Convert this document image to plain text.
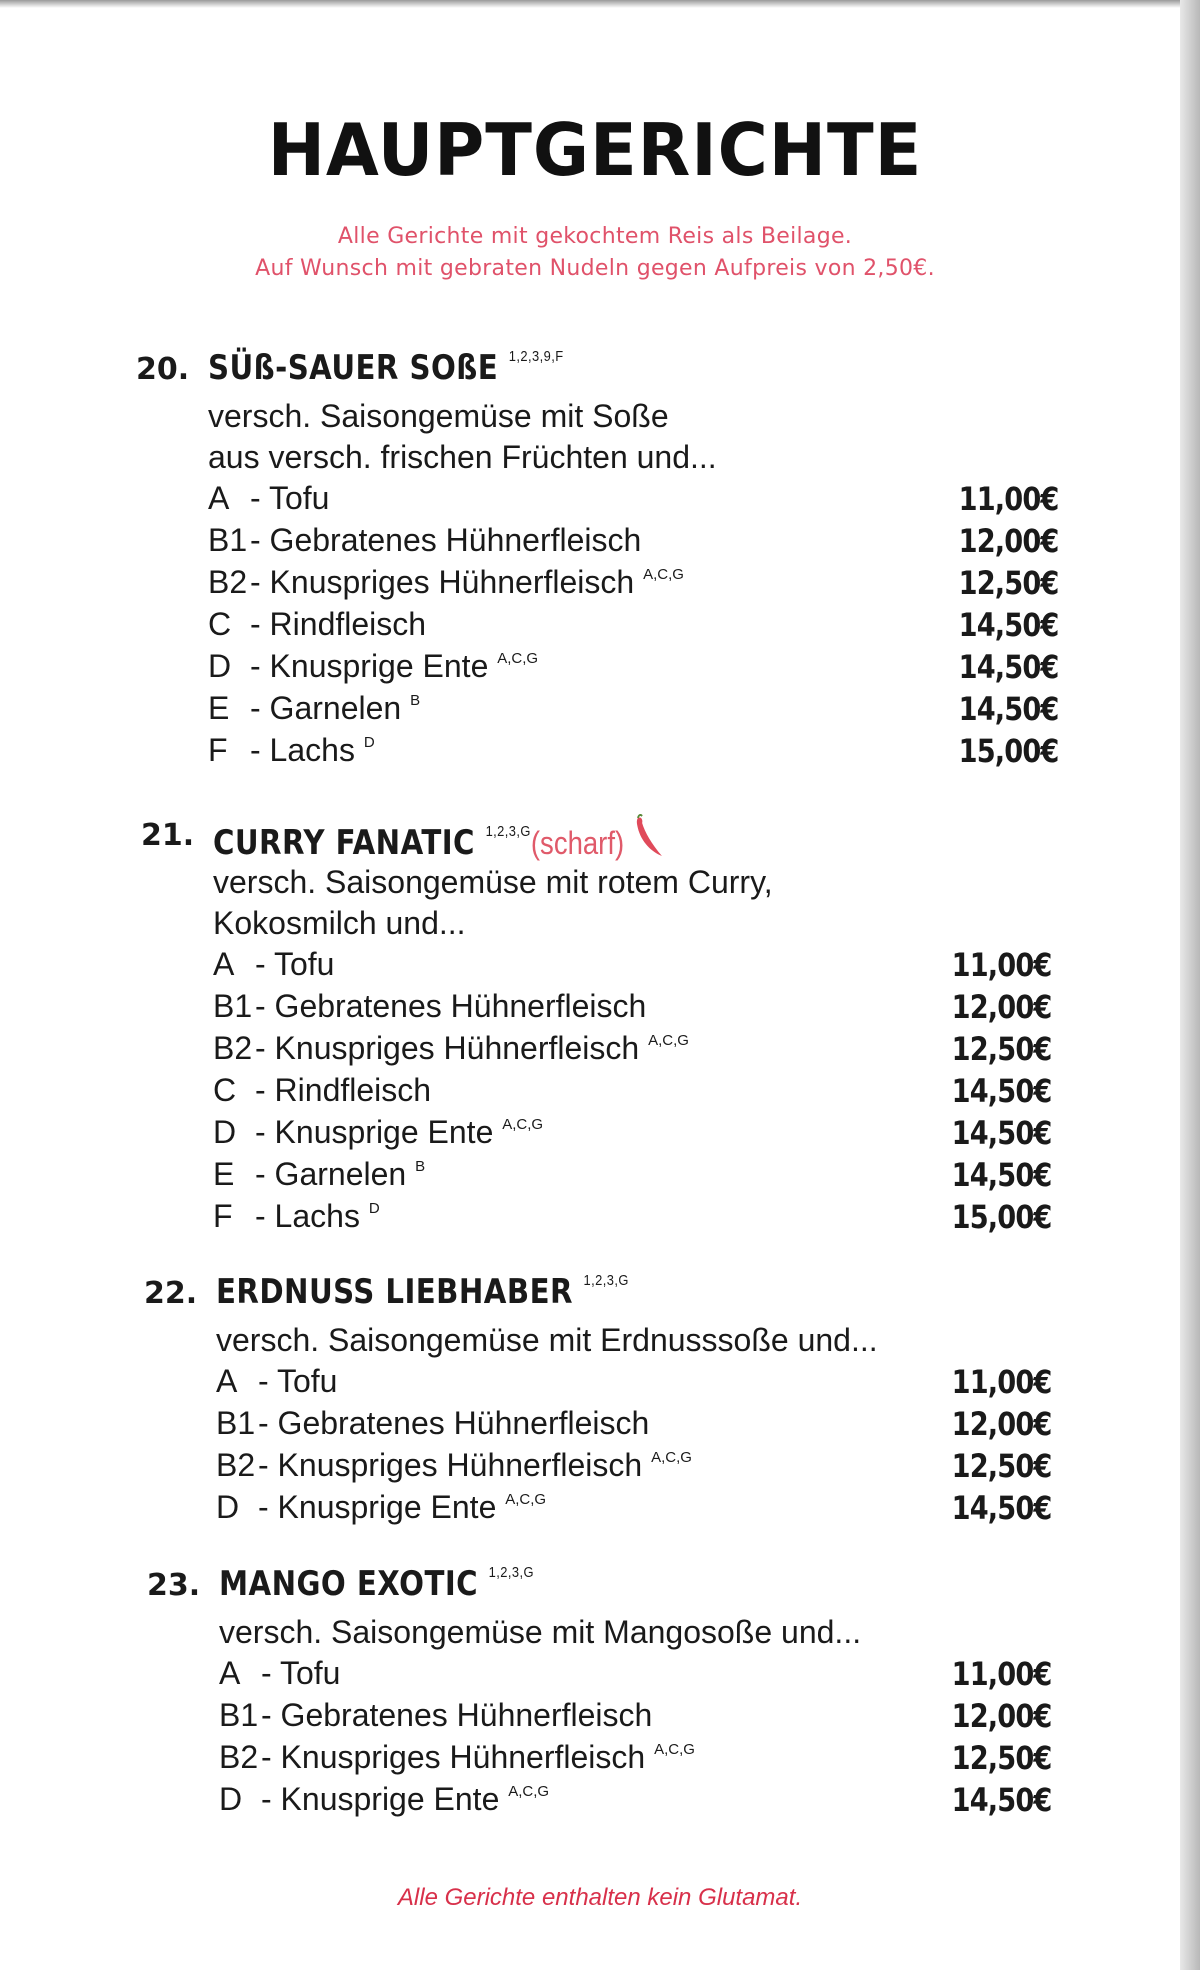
HAUPTGERICHTE
Alle Gerichte mit gekochtem Reis als Beilage.
Auf Wunsch mit gebraten Nudeln gegen Aufpreis von 2,50€.
20. SÜß-SAUER SOßE $^{1,2,3,9,F}$
versch. Saisongemüse mit Soße
aus versch. frischen Früchten und...
A - Tofu	11,00€
B1 - Gebratenes Hühnerfleisch	12,00€
B2 - Knuspriges Hühnerfleisch $^{A,C,G}$	12,50€
C - Rindfleisch	14,50€
D - Knusprige Ente $^{A,C,G}$	14,50€
E - Garnelen $^B$	14,50€
F - Lachs $^D$	15,00€
21. CURRY FANATIC $^{1,2,3,G}$(scharf)
versch. Saisongemüse mit rotem Curry,
Kokosmilch und...
A - Tofu	11,00€
B1 - Gebratenes Hühnerfleisch	12,00€
B2 - Knuspriges Hühnerfleisch $^{A,C,G}$	12,50€
C - Rindfleisch	14,50€
D - Knusprige Ente $^{A,C,G}$	14,50€
E - Garnelen $^B$	14,50€
F - Lachs $^D$	15,00€
22. ERDNUSS LIEBHABER $^{1,2,3,G}$
versch. Saisongemüse mit Erdnusssoße und...
A - Tofu	11,00€
B1 - Gebratenes Hühnerfleisch	12,00€
B2 - Knuspriges Hühnerfleisch $^{A,C,G}$	12,50€
D - Knusprige Ente $^{A,C,G}$	14,50€
23. MANGO EXOTIC $^{1,2,3,G}$
versch. Saisongemüse mit Mangosoße und...
A - Tofu	11,00€
B1 - Gebratenes Hühnerfleisch	12,00€
B2 - Knuspriges Hühnerfleisch $^{A,C,G}$	12,50€
D - Knusprige Ente $^{A,C,G}$	14,50€
Alle Gerichte enthalten kein Glutamat.
